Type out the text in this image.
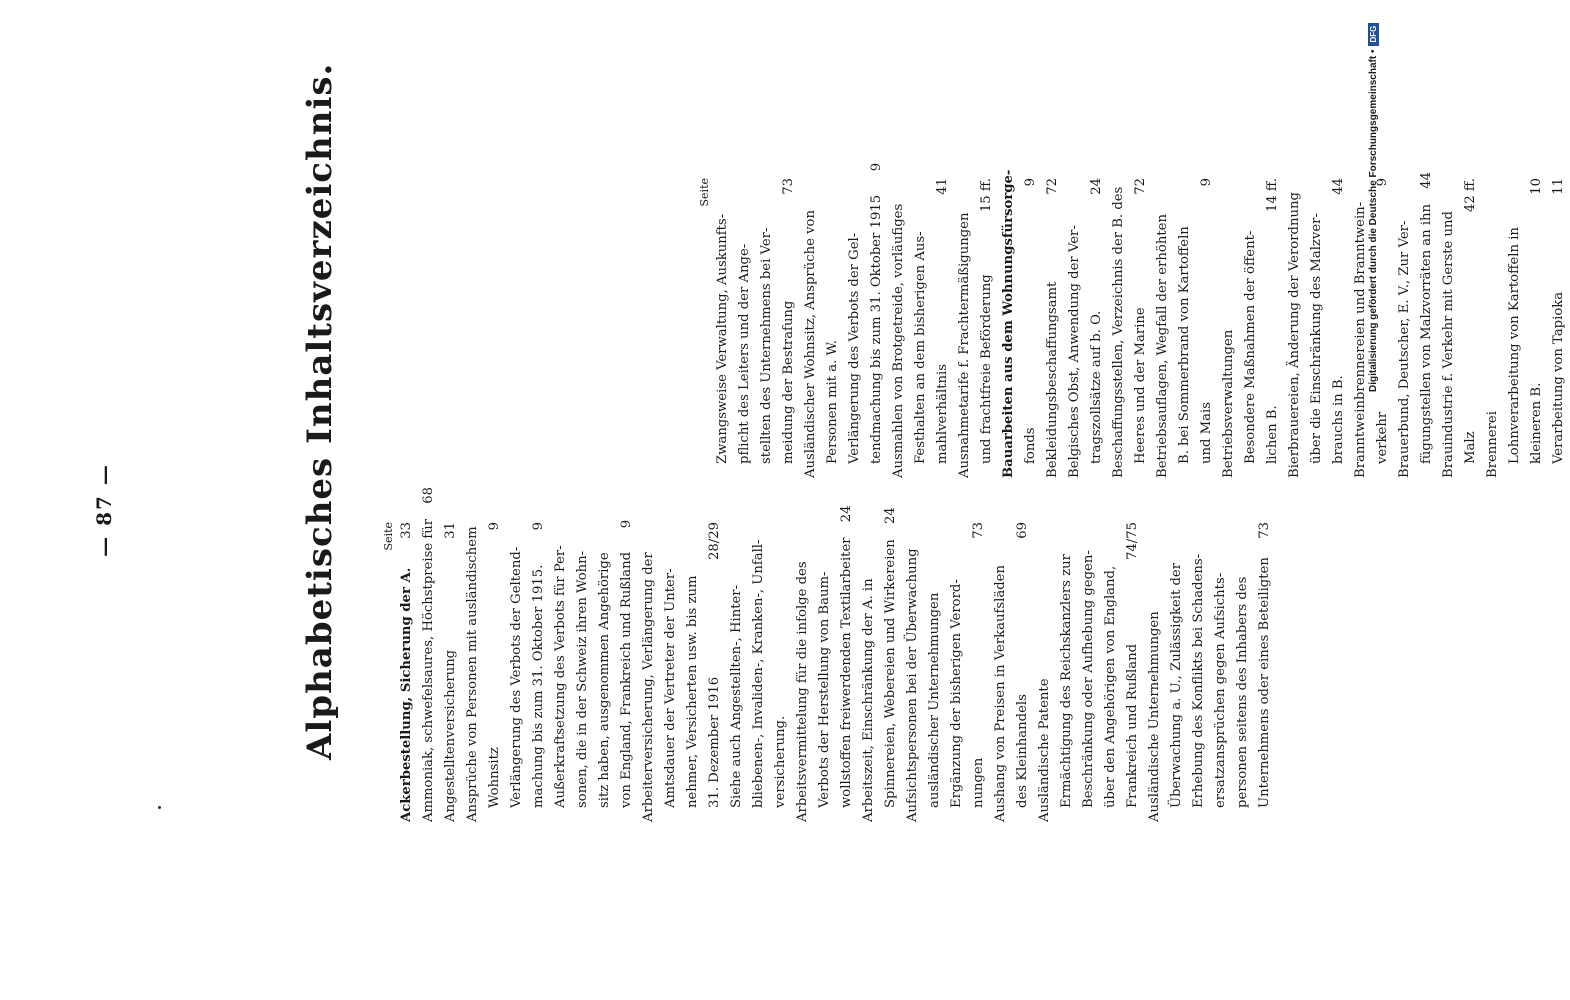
— 87 —	Alphabetisches Inhaltsverzeichnis.	Seite
Ackerbestellung, Sicherung der A.
33 Ammoniak, schwefelsaures, Höchstpreise für
68
Angestelltenversicherung
31 Ansprüche von Personen mit ausländischem Wohnsitz
9
Verlängerung des Verbots der Geltend- machung bis zum 31. Oktober 1915.
9
Außerkraftsetzung des Verbots für Per- sonen, die in der Schweiz ihren Wohn- sitz haben, ausgenommen Angehörige von England, Frankreich und Rußland
9
Arbeiterversicherung, Verlängerung der Amtsdauer der Vertreter der Unter- nehmer, Versicherten usw. bis zum 31. Dezember 1916
28/29
Siehe auch Angestellten-, Hinter- bliebenen-, Invaliden-, Kranken-, Unfall- versicherung. Arbeitsvermittelung für die infolge des Verbots der Herstellung von Baum- wollstoffen freiwerdenden Textilarbeiter
24
Arbeitszeit, Einschränkung der A. in Spinnereien, Webereien und Wirkereien
24
Aufsichtspersonen bei der Überwachung ausländischer Unternehmungen Ergänzung der bisherigen Verord- nungen
73
Aushang von Preisen in Verkaufsläden des Kleinhandels
69
Ausländische Patente Ermächtigung des Reichskanzlers zur Beschränkung oder Aufhebung gegen- über den Angehörigen von England, Frankreich und Rußland
74/75
Ausländische Unternehmungen Überwachung a. U., Zulässigkeit der Erhebung des Konflikts bei Schadens- ersatzansprüchen gegen Aufsichts- personen seitens des Inhabers des Unternehmens oder eines Beteiligten
73
Seite
Zwangsweise Verwaltung, Auskunfts- pflicht des Leiters und der Ange- stellten des Unternehmens bei Ver- meidung der Bestrafung
73
Ausländischer Wohnsitz, Ansprüche von Personen mit a. W. Verlängerung des Verbots der Gel- tendmachung bis zum 31. Oktober 1915
9
Ausmahlen von Brotgetreide, vorläufiges Festhalten an dem bisherigen Aus- mahlverhältnis
41
Ausnahmetarife f. Frachtermäßigungen und frachtfreie Beförderung
15 ff. Bauarbeiten aus dem Wohnungsfürsorge- fonds
9
Bekleidungsbeschaffungsamt
72
Belgisches Obst, Anwendung der Ver- tragszollsätze auf b. O.
24
Beschaffungsstellen, Verzeichnis der B. des Heeres und der Marine
72
Betriebsauflagen, Wegfall der erhöhten B. bei Sommerbrand von Kartoffeln und Mais
9
Betriebsverwaltungen Besondere Maßnahmen der öffent- lichen B.
14 ff. Bierbrauereien, Änderung der Verordnung über die Einschränkung des Malzver- brauchs in B.
44
Branntweinbrennereien und Branntwein- verkehr
9
Brauerbund, Deutscher, E. V., Zur Ver- fügungstellen von Malzvorräten an ihn
44
Brauindustrie f. Verkehr mit Gerste und Malz
42 ff.
Brennerei Lohnverarbeitung von Kartoffeln in kleineren B.
10
Verarbeitung von Tapioka
11
Digitalisierung gefördert durch die Deutsche Forschungsgemeinschaft •
DFG
